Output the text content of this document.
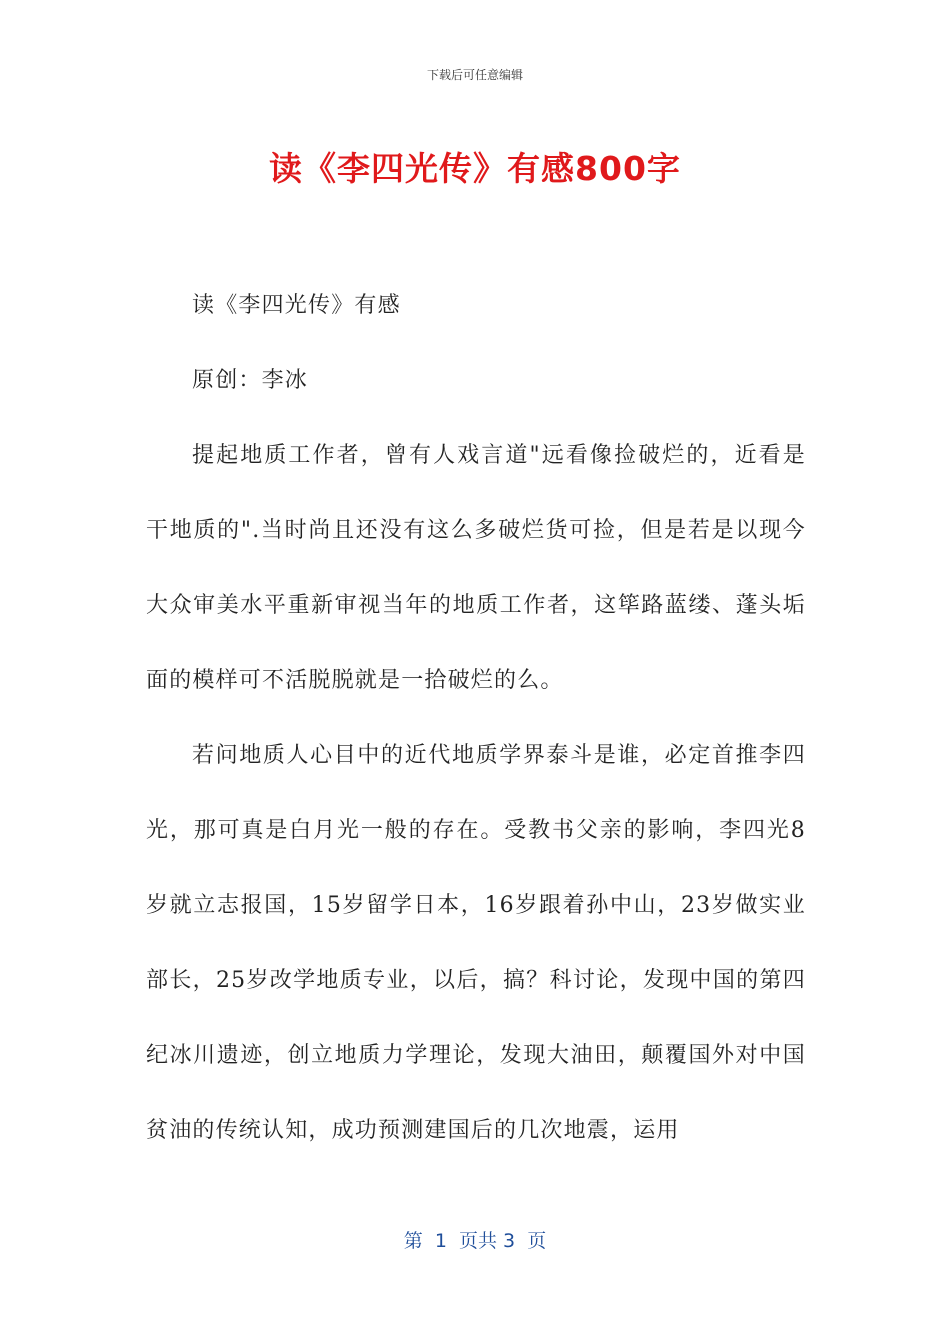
下载后可任意编辑
读《李四光传》有感800字

读《李四光传》有感

原创：李冰

提起地质工作者，曾有人戏言道"远看像捡破烂的，近看是干地质的".当时尚且还没有这么多破烂货可捡，但是若是以现今大众审美水平重新审视当年的地质工作者，这筚路蓝缕、蓬头垢面的模样可不活脱脱就是一拾破烂的么。

若问地质人心目中的近代地质学界泰斗是谁，必定首推李四光，那可真是白月光一般的存在。受教书父亲的影响，李四光8岁就立志报国，15岁留学日本，16岁跟着孙中山，23岁做实业部长，25岁改学地质专业，以后，搞？科讨论，发现中国的第四纪冰川遗迹，创立地质力学理论，发现大油田，颠覆国外对中国贫油的传统认知，成功预测建国后的几次地震，运用

第  1  页共 3  页
